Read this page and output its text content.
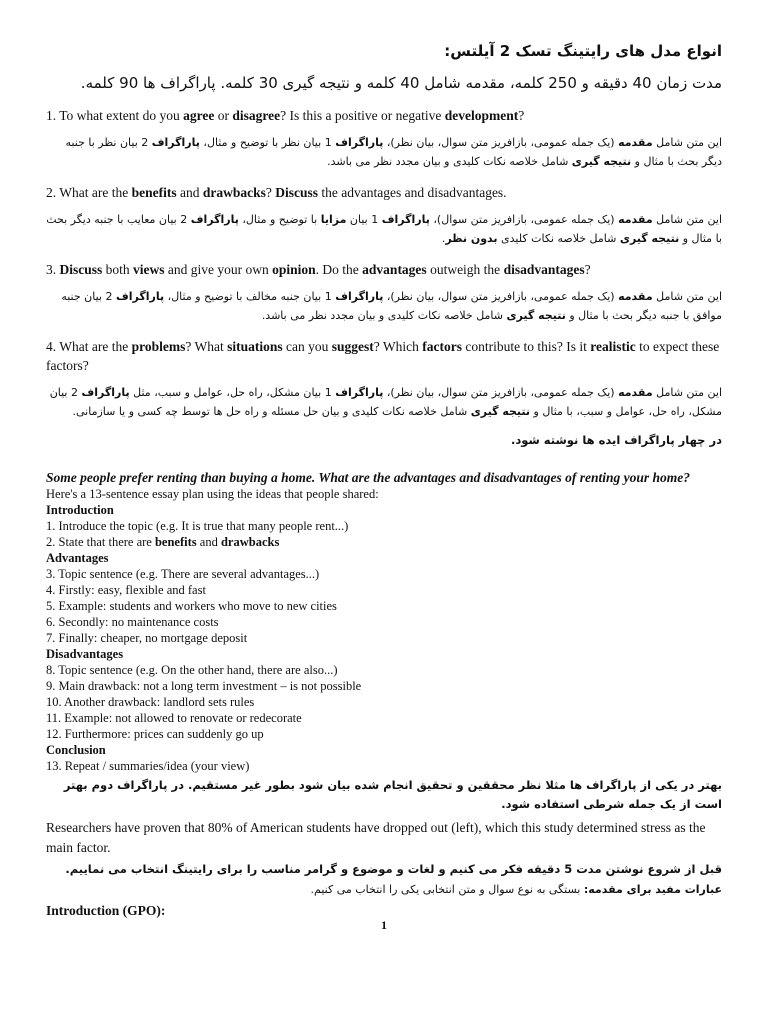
انواع مدل های رایتینگ تسک 2 آیلتس:
مدت زمان 40 دقیقه و 250 کلمه، مقدمه شامل 40 کلمه و نتیجه گیری 30 کلمه. پاراگراف ها 90 کلمه.
1. To what extent do you agree or disagree? Is this a positive or negative development?
این متن شامل مقدمه (یک جمله عمومی، بازافریز متن سوال، بیان نظر)، پاراگراف 1 بیان نظر با توضیح و مثال، پاراگراف 2 بیان نظر با جنبه دیگر بحث با مثال و نتیجه گیری شامل خلاصه نکات کلیدی و بیان مجدد نظر می باشد.
2. What are the benefits and drawbacks? Discuss the advantages and disadvantages.
این متن شامل مقدمه (یک جمله عمومی، بازافریز متن سوال)، پاراگراف 1 بیان مزایا با توضیح و مثال، پاراگراف 2 بیان معایب با جنبه دیگر بحث با مثال و نتیجه گیری شامل خلاصه نکات کلیدی بدون نظر.
3. Discuss both views and give your own opinion. Do the advantages outweigh the disadvantages?
این متن شامل مقدمه (یک جمله عمومی، بازافریز متن سوال، بیان نظر)، پاراگراف 1 بیان جنبه مخالف با توضیح و مثال، پاراگراف 2 بیان جنبه موافق با جنبه دیگر بحث با مثال و نتیجه گیری شامل خلاصه نکات کلیدی و بیان مجدد نظر می باشد.
4. What are the problems? What situations can you suggest? Which factors contribute to this? Is it realistic to expect these factors?
این متن شامل مقدمه (یک جمله عمومی، بازافریز متن سوال، بیان نظر)، پاراگراف 1 بیان مشکل، راه حل، عوامل و سبب، مثل پاراگراف 2 بیان مشکل، راه حل، عوامل و سبب، با مثال و نتیجه گیری شامل خلاصه نکات کلیدی و بیان حل مسئله و راه حل ها توسط چه کسی و یا سازمانی.
در چهار پاراگراف ایده ها نوشته شود.
Some people prefer renting than buying a home. What are the advantages and disadvantages of renting your home?
Here's a 13-sentence essay plan using the ideas that people shared:
Introduction
1. Introduce the topic (e.g. It is true that many people rent...)
2. State that there are benefits and drawbacks
Advantages
3. Topic sentence (e.g. There are several advantages...)
4. Firstly: easy, flexible and fast
5. Example: students and workers who move to new cities
6. Secondly: no maintenance costs
7. Finally: cheaper, no mortgage deposit
Disadvantages
8. Topic sentence (e.g. On the other hand, there are also...)
9. Main drawback: not a long term investment – is not possible
10. Another drawback: landlord sets rules
11. Example: not allowed to renovate or redecorate
12. Furthermore: prices can suddenly go up
Conclusion
13. Repeat / summaries/idea (your view)
بهتر در یکی از پاراگراف ها مثلا نظر محققین و تحقیق انجام شده بیان شود بطور غیر مستقیم. در پاراگراف دوم بهتر است از یک جمله شرطی استفاده شود.
Researchers have proven that 80% of American students have dropped out (left), which this study determined stress as the main factor.
قبل از شروع نوشتن مدت 5 دقیقه فکر می کنیم و لغات و موضوع و گرامر مناسب را برای رایتینگ انتخاب می نماییم.
عبارات مفید برای مقدمه: بستگی به نوع سوال و متن انتخابی یکی را انتخاب می کنیم.
Introduction (GPO):
1
